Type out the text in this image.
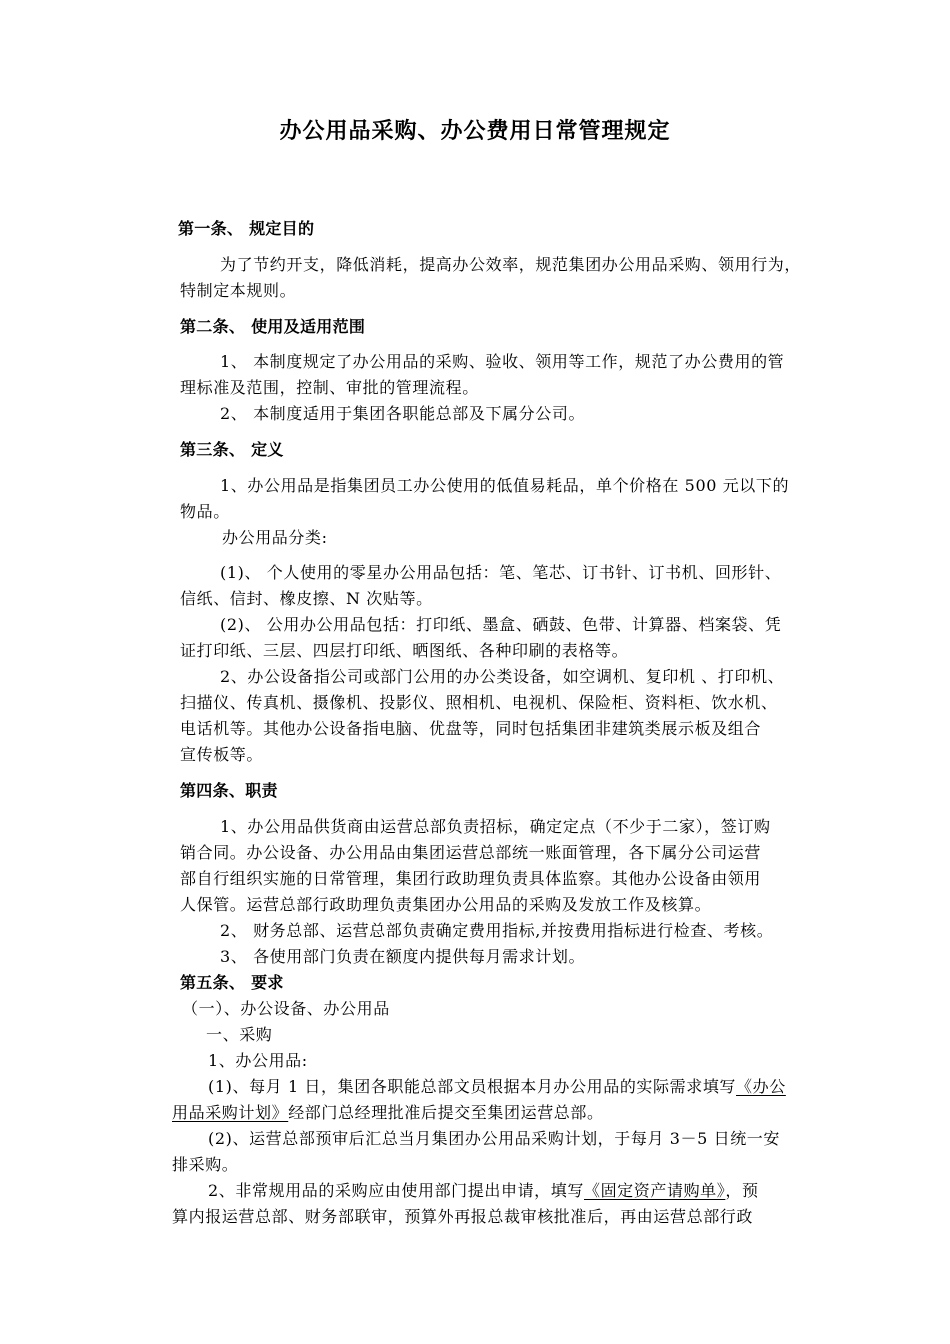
办公用品采购、办公费用日常管理规定
第一条、 规定目的
为了节约开支，降低消耗，提高办公效率，规范集团办公用品采购、领用行为，
特制定本规则。
第二条、 使用及适用范围
1、 本制度规定了办公用品的采购、验收、领用等工作，规范了办公费用的管
理标准及范围，控制、审批的管理流程。
2、 本制度适用于集团各职能总部及下属分公司。
第三条、 定义
1、办公用品是指集团员工办公使用的低值易耗品，单个价格在 500 元以下的
物品。
办公用品分类:
(1)、 个人使用的零星办公用品包括：笔、笔芯、订书针、订书机、回形针、
信纸、信封、橡皮擦、N 次贴等。
(2)、 公用办公用品包括：打印纸、墨盒、硒鼓、色带、计算器、档案袋、凭
证打印纸、三层、四层打印纸、晒图纸、各种印刷的表格等。
2、办公设备指公司或部门公用的办公类设备，如空调机、复印机 、打印机、
扫描仪、传真机、摄像机、投影仪、照相机、电视机、保险柜、资料柜、饮水机、
电话机等。其他办公设备指电脑、优盘等，同时包括集团非建筑类展示板及组合
宣传板等。
第四条、职责
1、办公用品供货商由运营总部负责招标，确定定点（不少于二家），签订购
销合同。办公设备、办公用品由集团运营总部统一账面管理，各下属分公司运营
部自行组织实施的日常管理，集团行政助理负责具体监察。其他办公设备由领用
人保管。运营总部行政助理负责集团办公用品的采购及发放工作及核算。
2、 财务总部、运营总部负责确定费用指标,并按费用指标进行检查、考核。
3、 各使用部门负责在额度内提供每月需求计划。
第五条、 要求
（一）、办公设备、办公用品
一、采购
1、办公用品:
(1)、每月 1 日，集团各职能总部文员根据本月办公用品的实际需求填写《办公
用品采购计划》经部门总经理批准后提交至集团运营总部。
(2)、运营总部预审后汇总当月集团办公用品采购计划，于每月 3－5 日统一安
排采购。
2、非常规用品的采购应由使用部门提出申请，填写《固定资产请购单》，预
算内报运营总部、财务部联审，预算外再报总裁审核批准后，再由运营总部行政
